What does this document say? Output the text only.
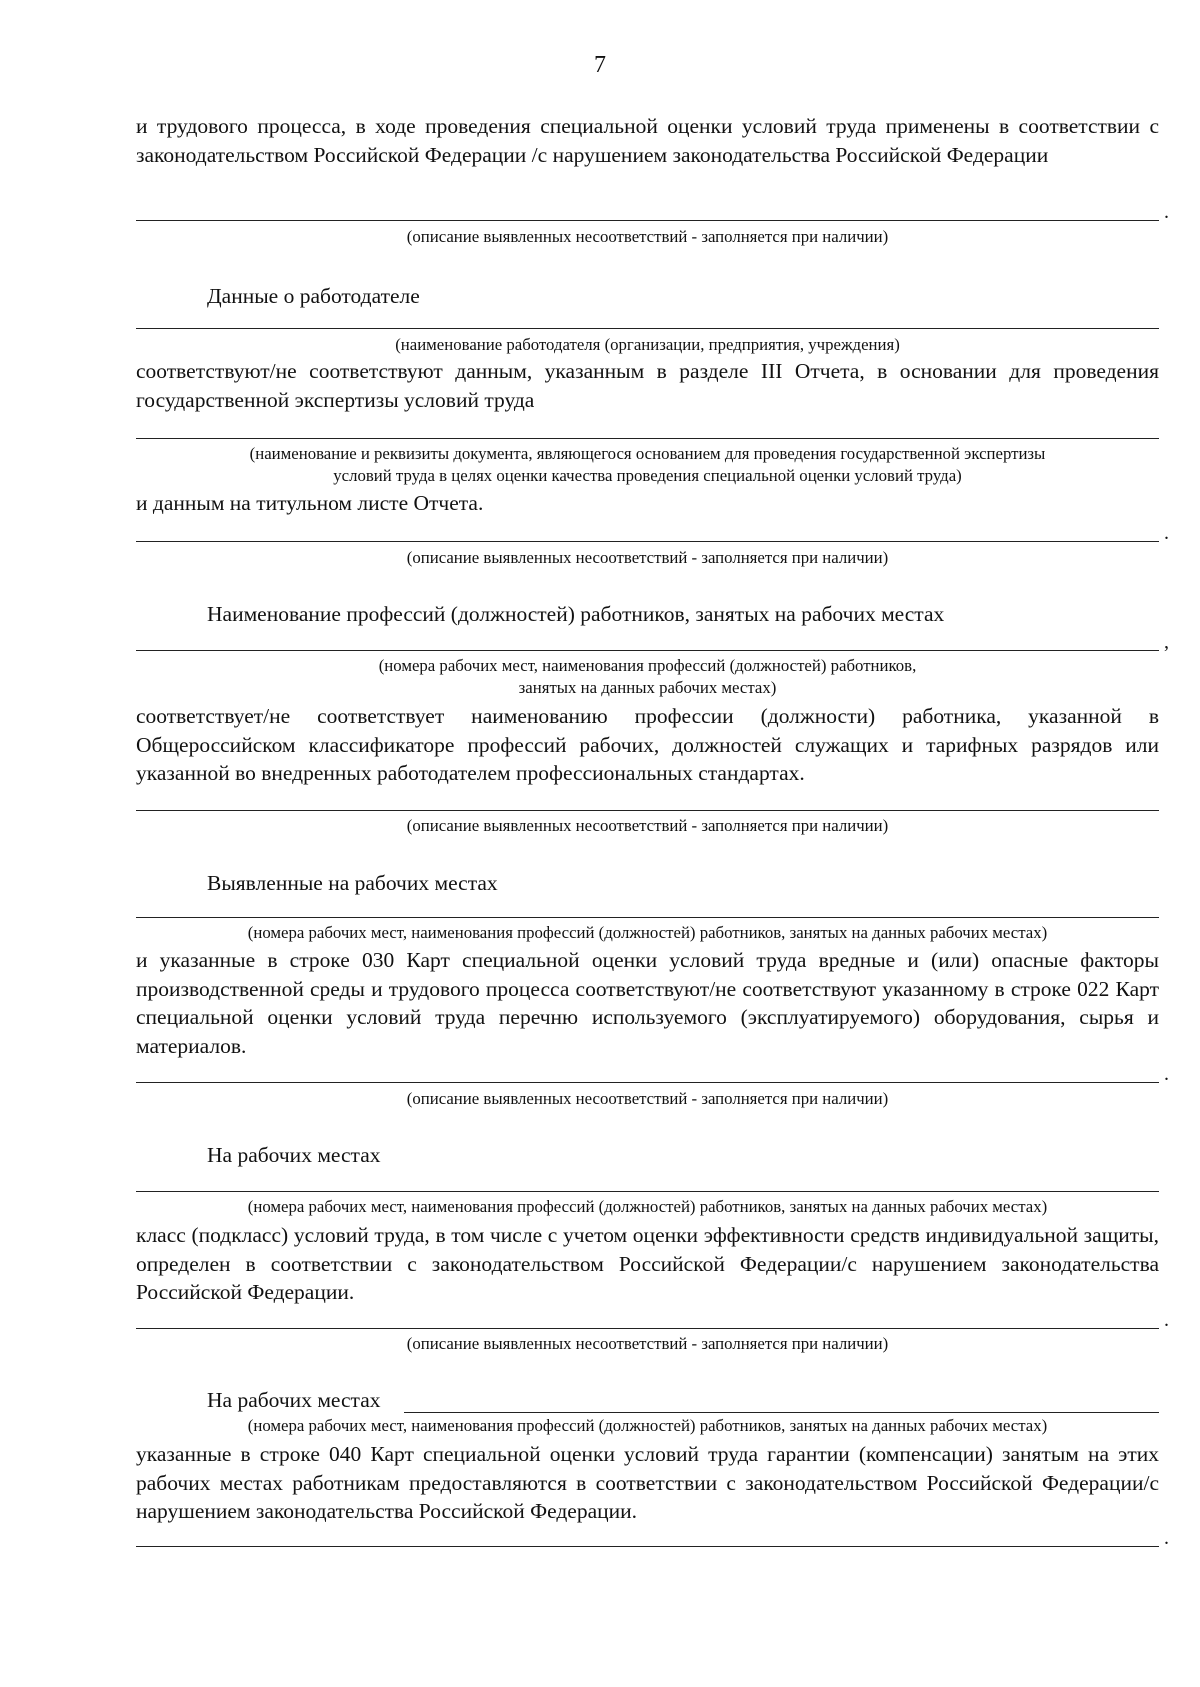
7
и трудового процесса, в ходе проведения специальной оценки условий труда применены в соответствии с законодательством Российской Федерации /с нарушением законодательства Российской Федерации
.
(описание выявленных несоответствий - заполняется при наличии)
Данные о работодателе
(наименование работодателя (организации, предприятия, учреждения)
соответствуют/не соответствуют данным, указанным в разделе III Отчета, в основании для проведения государственной экспертизы условий труда
(наименование и реквизиты документа, являющегося основанием для проведения государственной экспертизы
условий труда в целях оценки качества проведения специальной оценки условий труда)
и данным на титульном листе Отчета.
.
(описание выявленных несоответствий - заполняется при наличии)
Наименование профессий (должностей) работников, занятых на рабочих местах
,
(номера рабочих мест, наименования профессий (должностей) работников,
занятых на данных рабочих местах)
соответствует/не соответствует наименованию профессии (должности) работника, указанной в Общероссийском классификаторе профессий рабочих, должностей служащих и тарифных разрядов или указанной во внедренных работодателем профессиональных стандартах.
(описание выявленных несоответствий - заполняется при наличии)
Выявленные на рабочих местах
(номера рабочих мест, наименования профессий (должностей) работников, занятых на данных рабочих местах)
и указанные в строке 030 Карт специальной оценки условий труда вредные и (или) опасные факторы производственной среды и трудового процесса соответствуют/не соответствуют указанному в строке 022 Карт специальной оценки условий труда перечню используемого (эксплуатируемого) оборудования, сырья и материалов.
.
(описание выявленных несоответствий - заполняется при наличии)
На рабочих местах
(номера рабочих мест, наименования профессий (должностей) работников, занятых на данных рабочих местах)
класс (подкласс) условий труда, в том числе с учетом оценки эффективности средств индивидуальной защиты, определен в соответствии с законодательством Российской Федерации/с нарушением законодательства Российской Федерации.
.
(описание выявленных несоответствий - заполняется при наличии)
На рабочих местах
(номера рабочих мест, наименования профессий (должностей) работников, занятых на данных рабочих местах)
указанные в строке 040 Карт специальной оценки условий труда гарантии (компенсации) занятым на этих рабочих местах работникам предоставляются в соответствии с законодательством Российской Федерации/с нарушением законодательства Российской Федерации.
.
